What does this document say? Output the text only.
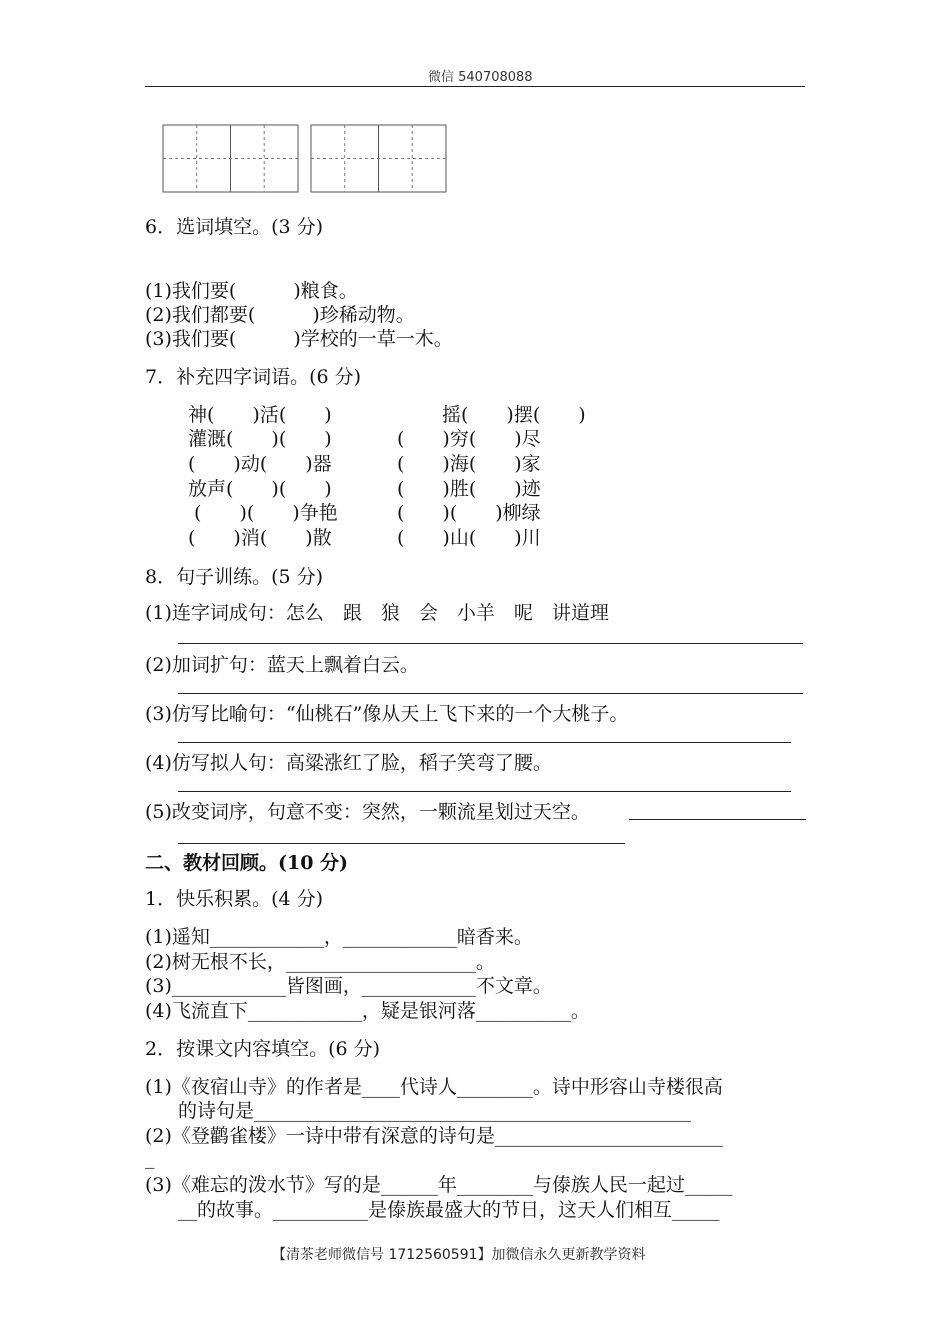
微信 540708088
6．选词填空。(3 分)
(1)我们要(　　　)粮食。
(2)我们都要(　　　)珍稀动物。
(3)我们要(　　　)学校的一草一木。
7．补充四字词语。(6 分)
神(　　)活(　　)
灌溉(　　)(　　)
(　　)动(　　)器
放声(　　)(　　)
(　　)(　　)争艳
(　　)消(　　)散
摇(　　)摆(　　)
(　　)穷(　　)尽
(　　)海(　　)家
(　　)胜(　　)迹
(　　)(　　)柳绿
(　　)山(　　)川
8．句子训练。(5 分)
(1)连字词成句：怎么　跟　狼　会　小羊　呢　讲道理
(2)加词扩句：蓝天上飘着白云。
(3)仿写比喻句：“仙桃石”像从天上飞下来的一个大桃子。
(4)仿写拟人句：高粱涨红了脸，稻子笑弯了腰。
(5)改变词序，句意不变：突然，一颗流星划过天空。
二、教材回顾。(10 分)
1．快乐积累。(4 分)
(1)遥知____________，____________暗香来。
(2)树无根不长，____________________。
(3)____________皆图画，____________不文章。
(4)飞流直下____________，疑是银河落__________。
2．按课文内容填空。(6 分)
(1)《夜宿山寺》的作者是____代诗人________。诗中形容山寺楼很高
的诗句是______________________________________________
(2)《登鹳雀楼》一诗中带有深意的诗句是________________________
_
(3)《难忘的泼水节》写的是______年________与傣族人民一起过_____
__的故事。__________是傣族最盛大的节日，这天人们相互_____
【清茶老师微信号 1712560591】加微信永久更新教学资料
